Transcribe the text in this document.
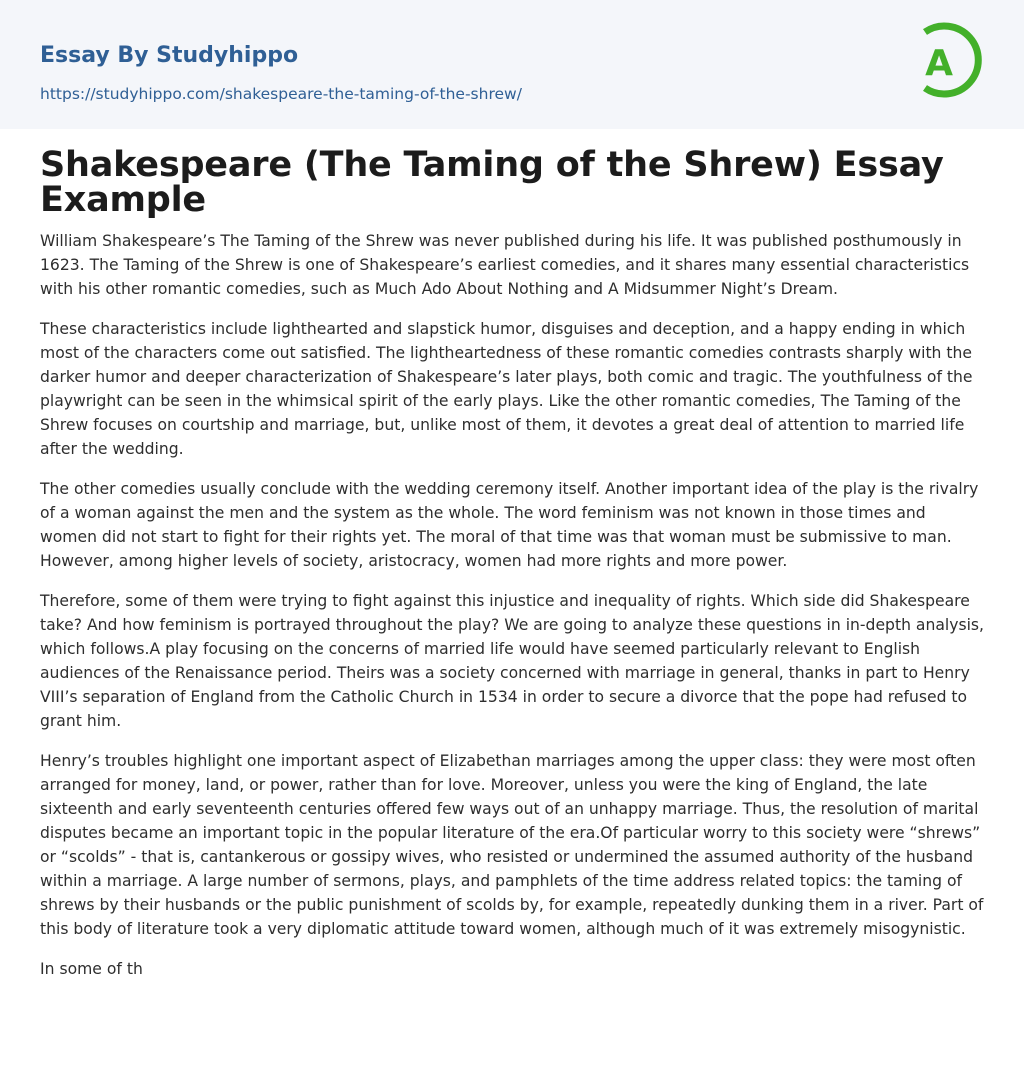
Essay By Studyhippo
https://studyhippo.com/shakespeare-the-taming-of-the-shrew/
A
Shakespeare (The Taming of the Shrew) Essay Example

William Shakespeare’s The Taming of the Shrew was never published during his life. It was published posthumously in 1623. The Taming of the Shrew is one of Shakespeare’s earliest comedies, and it shares many essential characteristics with his other romantic comedies, such as Much Ado About Nothing and A Midsummer Night’s Dream.

These characteristics include lighthearted and slapstick humor, disguises and deception, and a happy ending in which most of the characters come out satisfied. The lightheartedness of these romantic comedies contrasts sharply with the darker humor and deeper characterization of Shakespeare’s later plays, both comic and tragic. The youthfulness of the playwright can be seen in the whimsical spirit of the early plays. Like the other romantic comedies, The Taming of the Shrew focuses on courtship and marriage, but, unlike most of them, it devotes a great deal of attention to married life after the wedding.

The other comedies usually conclude with the wedding ceremony itself. Another important idea of the play is the rivalry of a woman against the men and the system as the whole. The word feminism was not known in those times and women did not start to fight for their rights yet. The moral of that time was that woman must be submissive to man. However, among higher levels of society, aristocracy, women had more rights and more power.

Therefore, some of them were trying to fight against this injustice and inequality of rights. Which side did Shakespeare take? And how feminism is portrayed throughout the play? We are going to analyze these questions in in-depth analysis, which follows.A play focusing on the concerns of married life would have seemed particularly relevant to English audiences of the Renaissance period. Theirs was a society concerned with marriage in general, thanks in part to Henry VIII’s separation of England from the Catholic Church in 1534 in order to secure a divorce that the pope had refused to grant him.

Henry’s troubles highlight one important aspect of Elizabethan marriages among the upper class: they were most often arranged for money, land, or power, rather than for love. Moreover, unless you were the king of England, the late sixteenth and early seventeenth centuries offered few ways out of an unhappy marriage. Thus, the resolution of marital disputes became an important topic in the popular literature of the era.Of particular worry to this society were “shrews” or “scolds” - that is, cantankerous or gossipy wives, who resisted or undermined the assumed authority of the husband within a marriage. A large number of sermons, plays, and pamphlets of the time address related topics: the taming of shrews by their husbands or the public punishment of scolds by, for example, repeatedly dunking them in a river. Part of this body of literature took a very diplomatic attitude toward women, although much of it was extremely misogynistic.

In some of th
